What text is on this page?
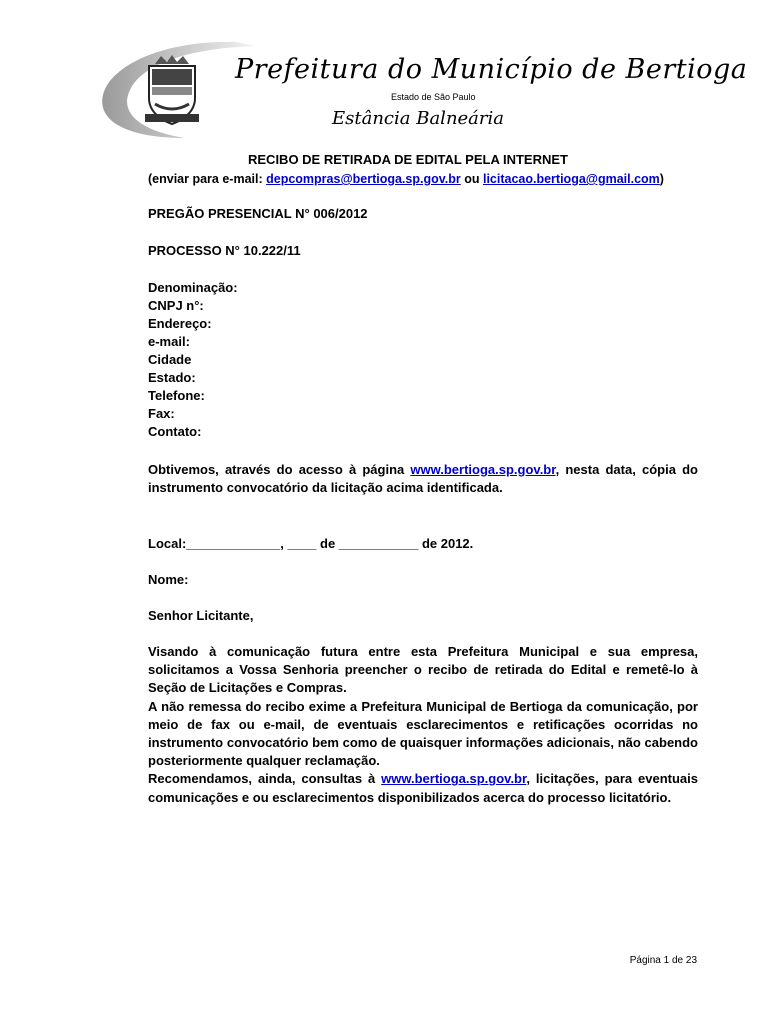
Prefeitura do Município de Bertioga
Estado de São Paulo
Estância Balneária
RECIBO DE RETIRADA DE EDITAL PELA INTERNET
(enviar para e-mail: depcompras@bertioga.sp.gov.br ou licitacao.bertioga@gmail.com)
PREGÃO PRESENCIAL N° 006/2012
PROCESSO N° 10.222/11
Denominação:
CNPJ n°:
Endereço:
e-mail:
Cidade
Estado:
Telefone:
Fax:
Contato:
Obtivemos, através do acesso à página www.bertioga.sp.gov.br, nesta data, cópia do instrumento convocatório da licitação acima identificada.
Local:_____________, ____ de ___________ de 2012.
Nome:
Senhor Licitante,
Visando à comunicação futura entre esta Prefeitura Municipal e sua empresa, solicitamos a Vossa Senhoria preencher o recibo de retirada do Edital e remetê-lo à Seção de Licitações e Compras.
A não remessa do recibo exime a Prefeitura Municipal de Bertioga da comunicação, por meio de fax ou e-mail, de eventuais esclarecimentos e retificações ocorridas no instrumento convocatório bem como de quaisquer informações adicionais, não cabendo posteriormente qualquer reclamação.
Recomendamos, ainda, consultas à www.bertioga.sp.gov.br, licitações, para eventuais comunicações e ou esclarecimentos disponibilizados acerca do processo licitatório.
Página 1 de 23
